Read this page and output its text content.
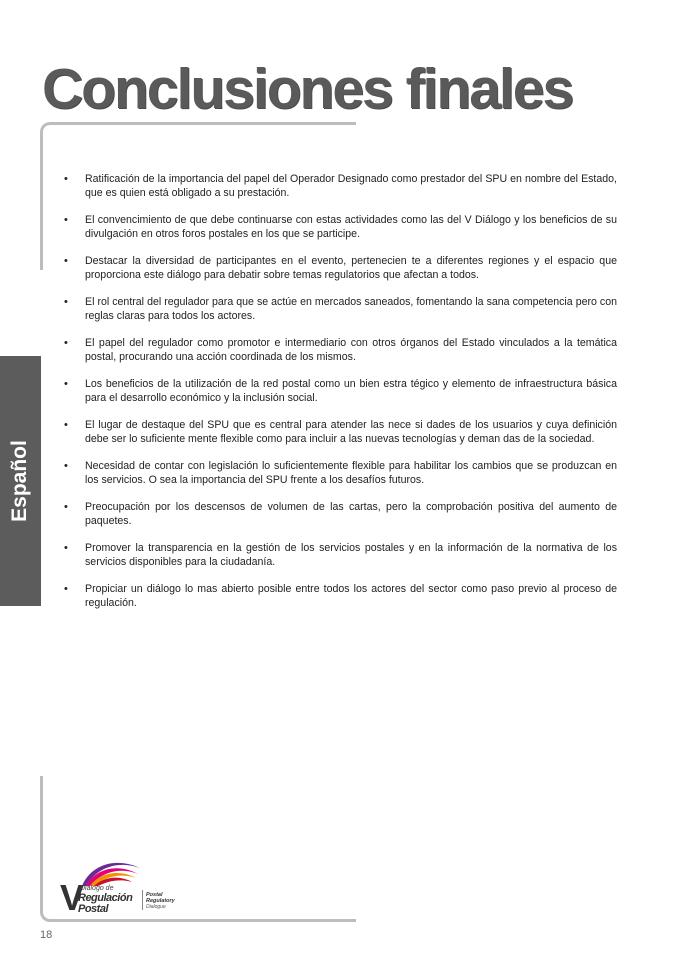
Conclusiones finales
Español
• Ratificación de la importancia del papel del Operador Designado como prestador del SPU en nombre del Estado, que es quien está obligado a su prestación.
• El convencimiento de que debe continuarse con estas actividades como las del V Diálogo y los beneficios de su divulgación en otros foros postales en los que se participe.
• Destacar la diversidad de participantes en el evento, pertenecien te a diferentes regiones y el espacio que proporciona este diálogo para debatir sobre temas regulatorios que afectan a todos.
• El rol central del regulador para que se actúe en mercados saneados, fomentando la sana competencia pero con reglas claras para todos los actores.
• El papel del regulador como promotor e intermediario con otros órganos del Estado vinculados a la temática postal, procurando una acción coordinada de los mismos.
• Los beneficios de la utilización de la red postal como un bien estra tégico y elemento de infraestructura básica para el desarrollo económico y la inclusión social.
• El lugar de destaque del SPU que es central para atender las nece si dades de los usuarios y cuya definición debe ser lo suficiente mente flexible como para incluir a las nuevas tecnologías y deman das de la sociedad.
• Necesidad de contar con legislación lo suficientemente flexible para habilitar los cambios que se produzcan en los servicios. O sea la importancia del SPU frente a los desafíos futuros.
• Preocupación por los descensos de volumen de las cartas, pero la comprobación positiva del aumento de paquetes.
• Promover la transparencia en la gestión de los servicios postales y en la información de la normativa de los servicios disponibles para la ciudadanía.
• Propiciar un diálogo lo mas abierto posible entre todos los actores del sector como paso previo al proceso de regulación.
V
Diálogo de
Regulación
Postal
Postal
Regulatory
Dialogue
18
